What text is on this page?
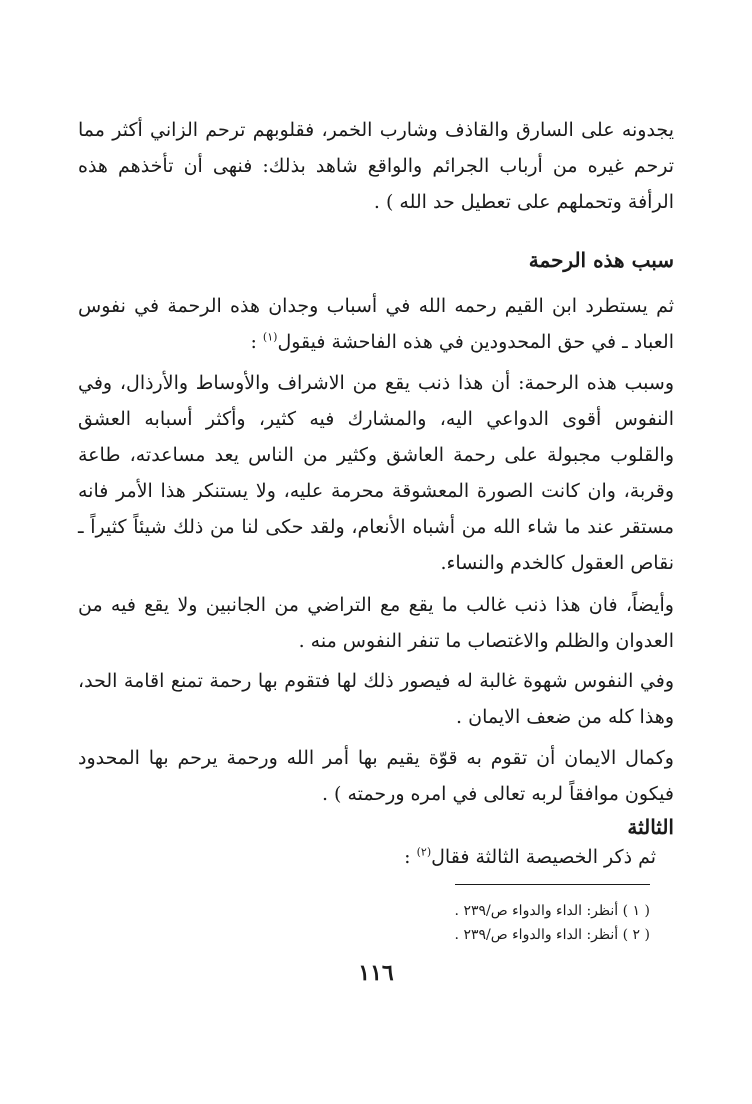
يجدونه على السارق والقاذف وشارب الخمر، فقلوبهم ترحم الزاني أكثر مما ترحم غيره من أرباب الجرائم والواقع شاهد بذلك: فنهى أن تأخذهم هذه الرأفة وتحملهم على تعطيل حد الله ) .

سبب هذه الرحمة

ثم يستطرد ابن القيم رحمه الله في أسباب وجدان هذه الرحمة في نفوس العباد ـ في حق المحدودين في هذه الفاحشة فيقول$^{(١)}$ :

وسبب هذه الرحمة: أن هذا ذنب يقع من الاشراف والأوساط والأرذال، وفي النفوس أقوى الدواعي اليه، والمشارك فيه كثير، وأكثر أسبابه العشق والقلوب مجبولة على رحمة العاشق وكثير من الناس يعد مساعدته، طاعة وقربة، وان كانت الصورة المعشوقة محرمة عليه، ولا يستنكر هذا الأمر فانه مستقر عند ما شاء الله من أشباه الأنعام، ولقد حكى لنا من ذلك شيئاً كثيراً ـ نقاص العقول كالخدم والنساء.

وأيضاً، فان هذا ذنب غالب ما يقع مع التراضي من الجانبين ولا يقع فيه من العدوان والظلم والاغتصاب ما تنفر النفوس منه .

وفي النفوس شهوة غالبة له فيصور ذلك لها فتقوم بها رحمة تمنع اقامة الحد، وهذا كله من ضعف الايمان .

وكمال الايمان أن تقوم به قوّة يقيم بها أمر الله ورحمة يرحم بها المحدود فيكون موافقاً لربه تعالى في امره ورحمته ) .

الثالثة

ثم ذكر الخصيصة الثالثة فقال$^{(٢)}$ :

( ١ ) أنظر: الداء والدواء ص/٢٣٩ .
( ٢ ) أنظر: الداء والدواء ص/٢٣٩ .
١١٦
